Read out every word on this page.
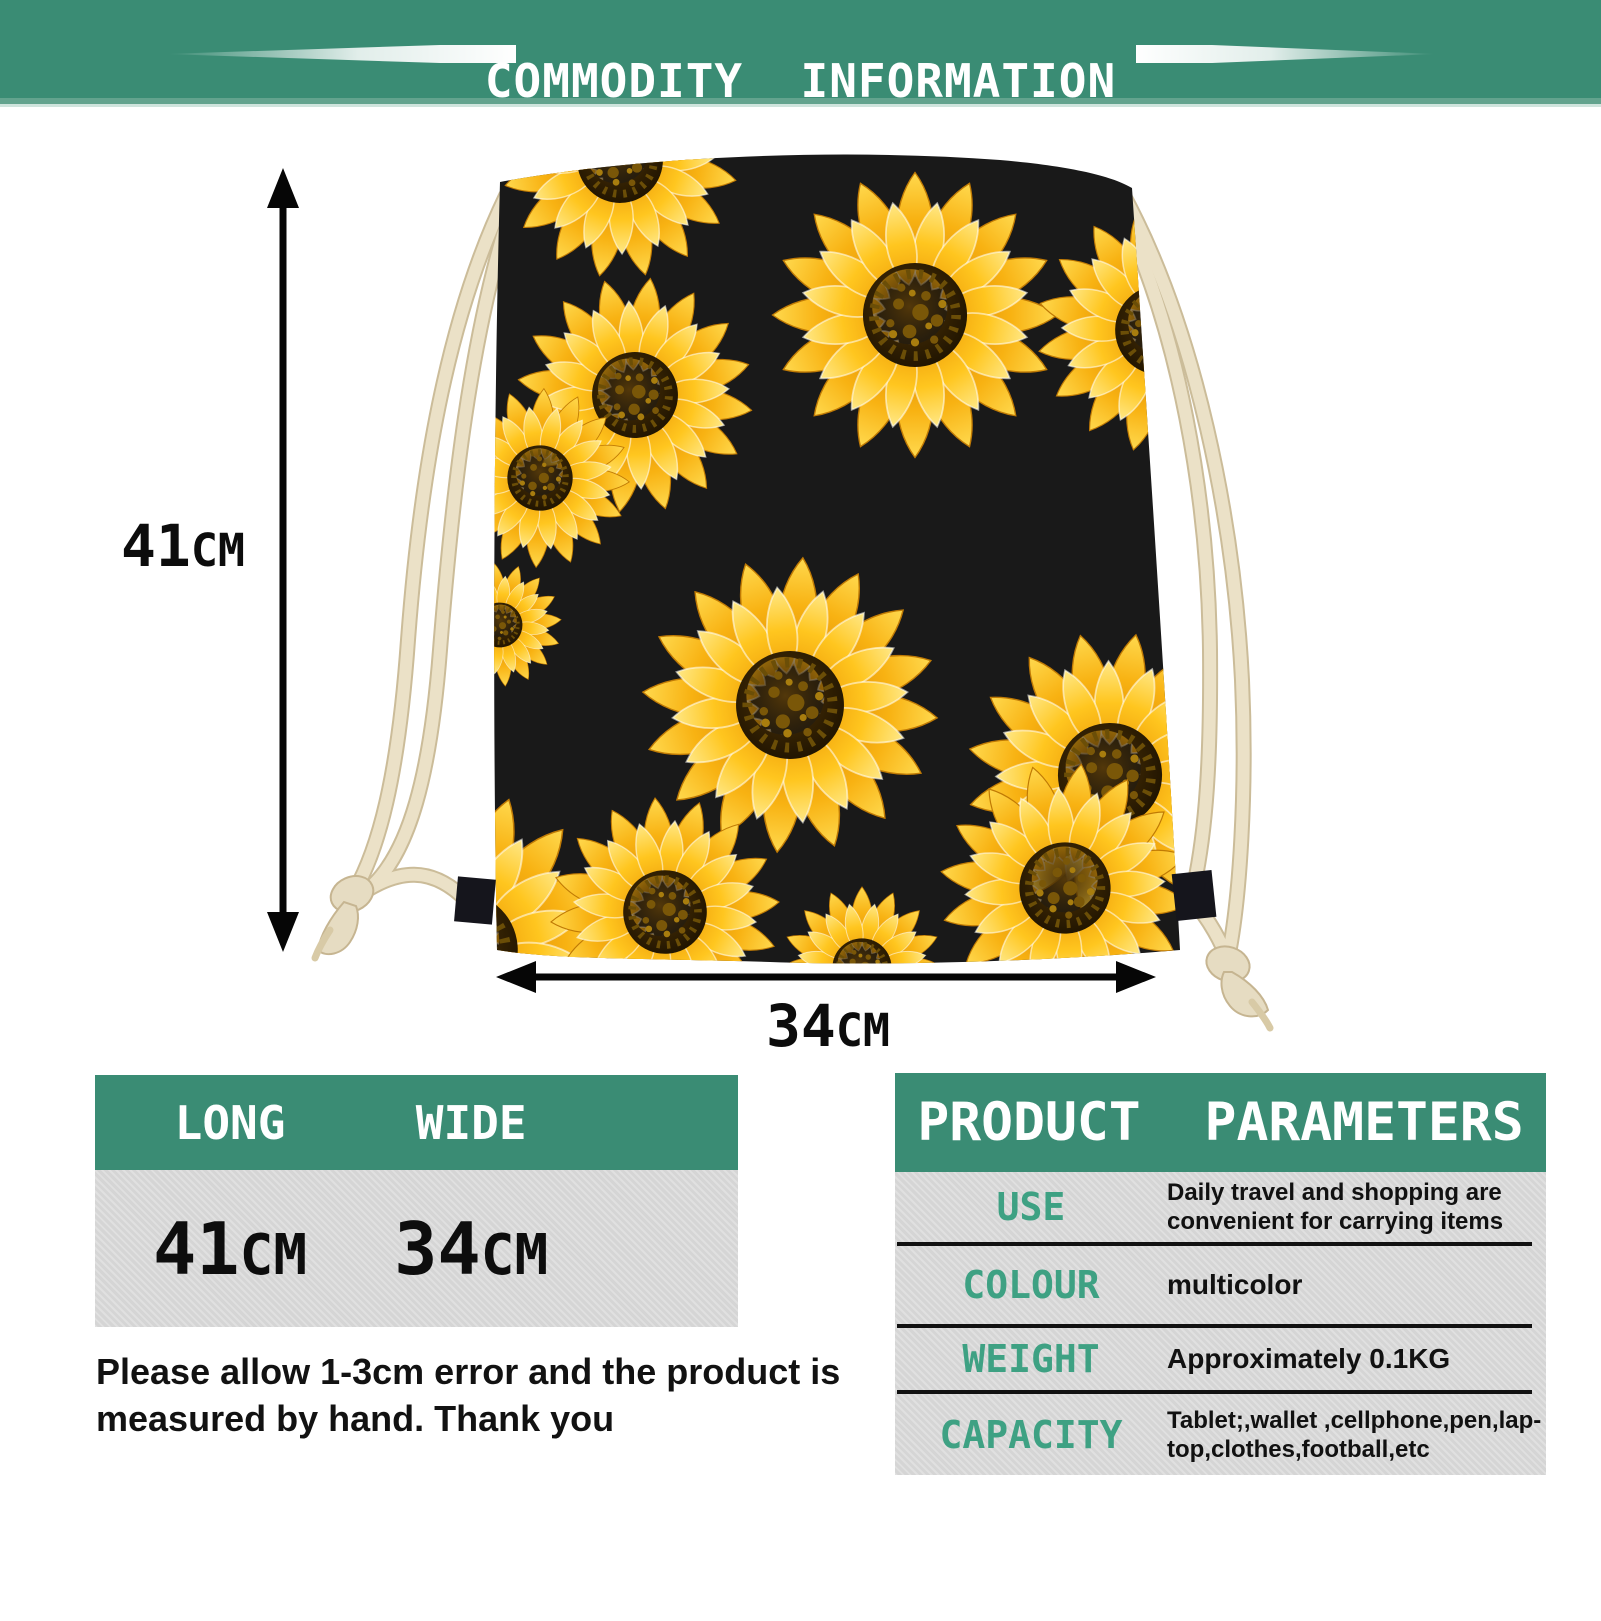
COMMODITY  INFORMATION
41CM
34CM
LONG	WIDE
41CM 34CM
Please allow 1-3cm error and the product is
measured by hand. Thank you
PRODUCT  PARAMETERS
USE	Daily travel and shopping are
convenient for carrying items
COLOUR	multicolor
WEIGHT	Approximately 0.1KG
CAPACITY	Tablet;,wallet ,cellphone,pen,lap-
top,clothes,football,etc
